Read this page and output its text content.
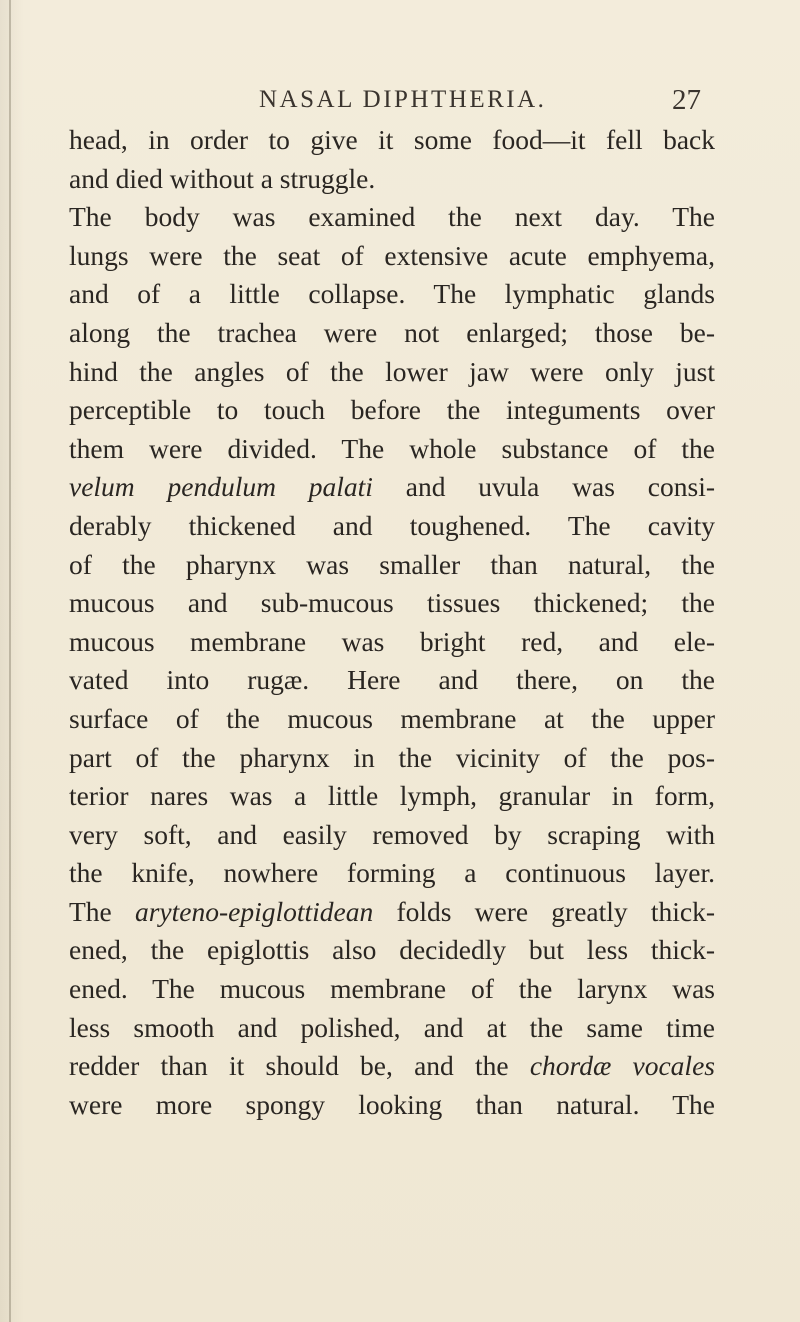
NASAL DIPHTHERIA.	27
head, in order to give it some food—it fell back
and died without a struggle.
The body was examined the next day. The
lungs were the seat of extensive acute emphyema,
and of a little collapse. The lymphatic glands
along the trachea were not enlarged; those be-
hind the angles of the lower jaw were only just
perceptible to touch before the integuments over
them were divided. The whole substance of the
velum pendulum palati and uvula was consi-
derably thickened and toughened. The cavity
of the pharynx was smaller than natural, the
mucous and sub-mucous tissues thickened; the
mucous membrane was bright red, and ele-
vated into rugæ. Here and there, on the
surface of the mucous membrane at the upper
part of the pharynx in the vicinity of the pos-
terior nares was a little lymph, granular in form,
very soft, and easily removed by scraping with
the knife, nowhere forming a continuous layer.
The aryteno-epiglottidean folds were greatly thick-
ened, the epiglottis also decidedly but less thick-
ened. The mucous membrane of the larynx was
less smooth and polished, and at the same time
redder than it should be, and the chordæ vocales
were more spongy looking than natural. The
